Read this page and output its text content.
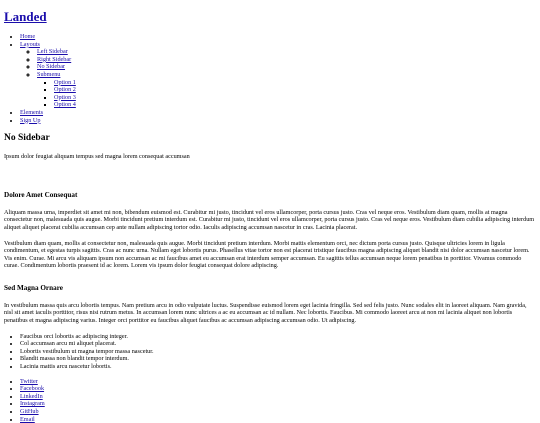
Landed
• Home
• Layouts
◦ Left Sidebar
◦ Right Sidebar
◦ No Sidebar
◦ Submenu
▪ Option 1
▪ Option 2
▪ Option 3
▪ Option 4
• Elements
• Sign Up
No Sidebar

Ipsum dolor feugiat aliquam tempus sed magna lorem consequat accumsan

Dolore Amet Consequat

Aliquam massa urna, imperdiet sit amet mi non, bibendum euismod est. Curabitur mi justo, tincidunt vel eros ullamcorper, porta cursus justo. Cras vel neque eros. Vestibulum diam quam, mollis at magna consectetur non, malesuada quis augue. Morbi tincidunt pretium interdum est. Curabitur mi justo, tincidunt vel eros ullamcorper, porta cursus justo. Cras vel neque eros. Vestibulum diam cubilia adipiscing interdum aliquet aliquet placerat cubilia accumsan cep ante nullam adipiscing tortor odio. Iaculis adipiscing accumsan nascetur in cras. Lacinia placerat.

Vestibulum diam quam, mollis at consectetur non, malesuada quis augue. Morbi tincidunt pretium interdum. Morbi mattis elementum orci, nec dictum porta cursus justo. Quisque ultricies lorem in ligula condimentum, et egestas turpis sagittis. Cras ac nunc urna. Nullam eget lobortis purus. Phasellus vitae tortor non est placerat tristique faucibus magna adipiscing aliquet blandit nisi dolor accumsan nascetur lorem. Vis enim. Curae. Mi arcu vis aliquam ipsum non accumsan ac mi faucibus amet eu accumsan erat interdum semper accumsan. Eu sagittis tellus accumsan neque lorem penatibus in porttitor. Vivamus commodo curae. Condimentum lobortis praesent id ac lorem. Lorem vis ipsum dolor feugiat consequat dolore adipiscing.

Sed Magna Ornare

In vestibulum massa quis arcu lobortis tempus. Nam pretium arcu in odio vulputate luctus. Suspendisse euismod lorem eget lacinia fringilla. Sed sed felis justo. Nunc sodales elit in laoreet aliquam. Nam gravida, nisl sit amet iaculis porttitor, risus nisi rutrum metus. In accumsan lorem nunc ultrices a ac eu accumsan ac id nullam. Nec lobortis. Faucibus. Mi commodo laoreet arcu at non mi lacinia aliquet non lobortis penatibus et magna adipiscing varius. Integer orci porttitor eu faucibus aliquet faucibus ac accumsan adipiscing accumsan odio. Ut adipiscing.

• Faucibus orci lobortis ac adipiscing integer.
• Col accumsan arcu mi aliquet placerat.
• Lobortis vestibulum ut magna tempor massa nascetur.
• Blandit massa non blandit tempor interdum.
• Lacinia mattis arcu nascetur lobortis.
• Twitter
• Facebook
• LinkedIn
• Instagram
• GitHub
• Email
